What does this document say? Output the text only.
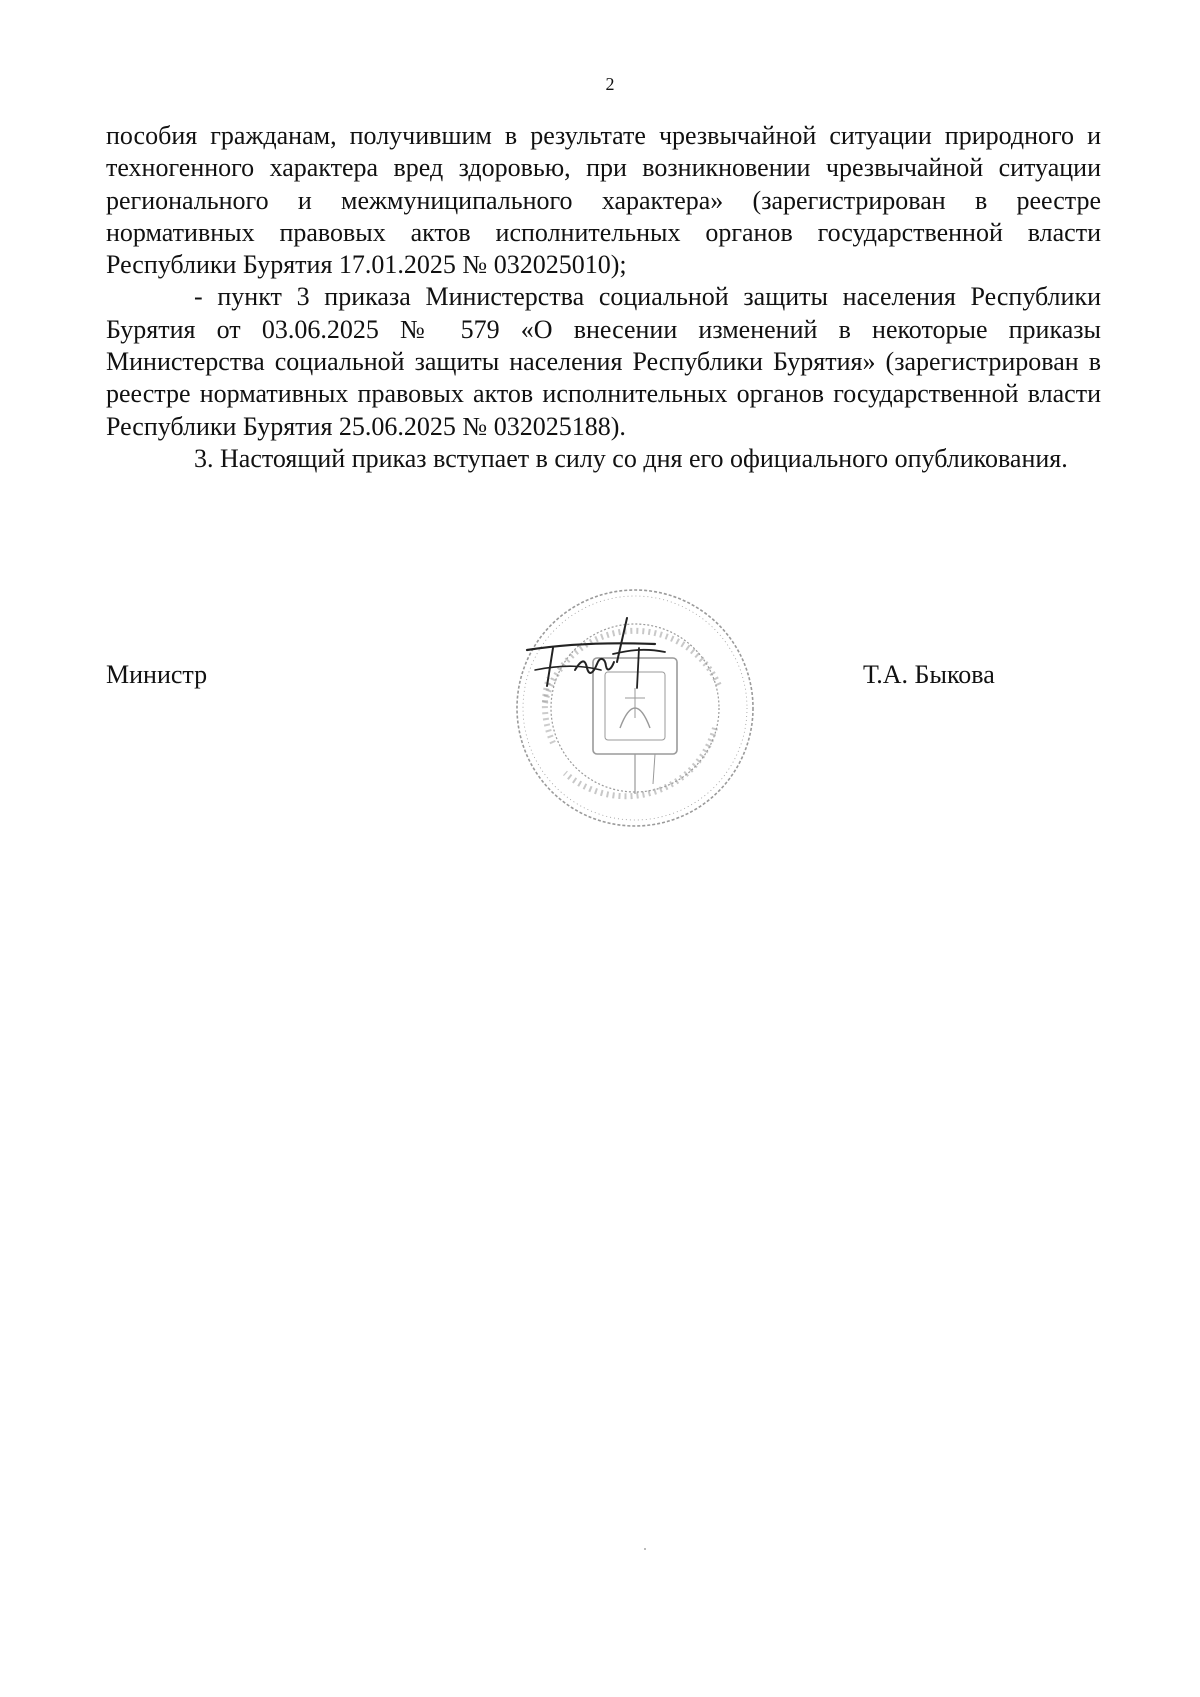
2

пособия гражданам, получившим в результате чрезвычайной ситуации природного и техногенного характера вред здоровью, при возникновении чрезвычайной ситуации регионального и межмуниципального характера» (зарегистрирован в реестре нормативных правовых актов исполнительных органов государственной власти Республики Бурятия 17.01.2025 № 032025010);

- пункт 3 приказа Министерства социальной защиты населения Республики Бурятия от 03.06.2025 № 579 «О внесении изменений в некоторые приказы Министерства социальной защиты населения Республики Бурятия» (зарегистрирован в реестре нормативных правовых актов исполнительных органов государственной власти Республики Бурятия 25.06.2025 № 032025188).

3. Настоящий приказ вступает в силу со дня его официального опубликования.

Министр	Т.А. Быкова
